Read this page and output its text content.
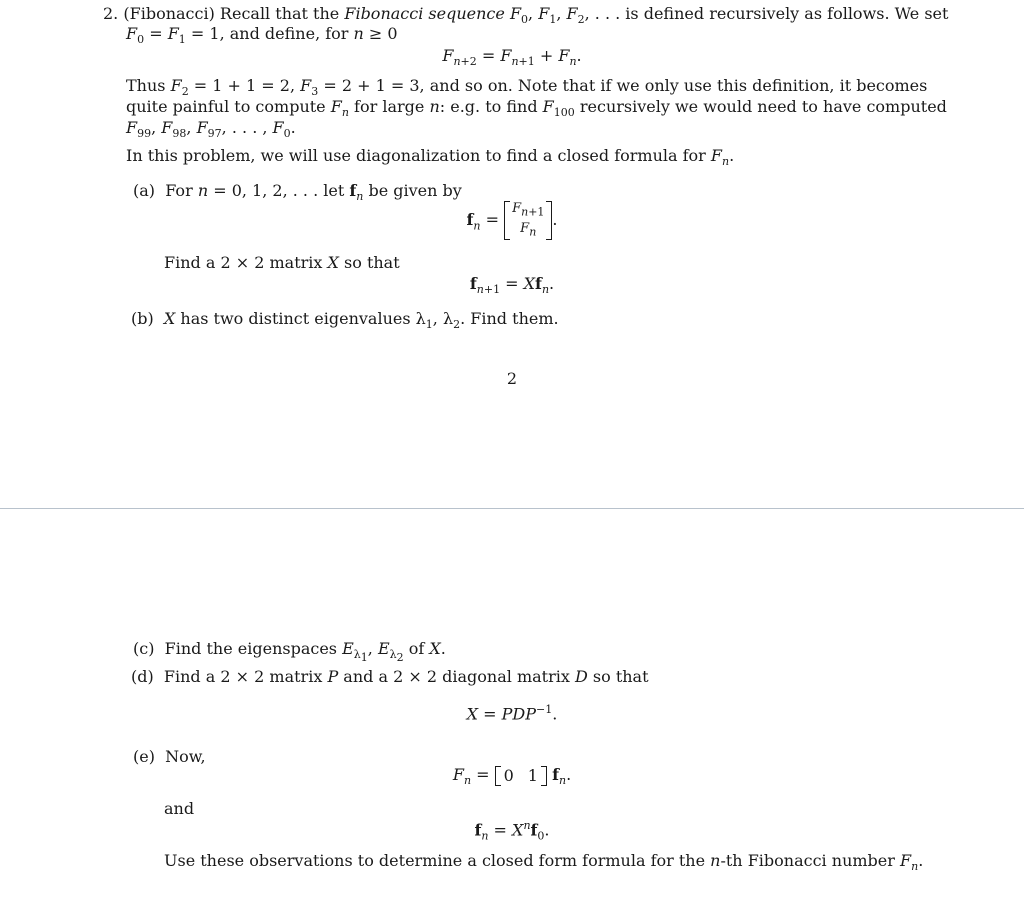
2. (Fibonacci) Recall that the Fibonacci sequence $F_0$, $F_1$, $F_2$, . . . is defined recursively as follows. We set
$F_0 = F_1 = 1$, and define, for n ≥ 0
$F_{n+2} = F_{n+1} + F_n$.
Thus $F_2 = 1 + 1 = 2$, $F_3 = 2 + 1 = 3$, and so on. Note that if we only use this definition, it becomes
quite painful to compute $F_n$ for large n: e.g. to find $F_{100}$ recursively we would need to have computed
$F_{99}$, $F_{98}$, $F_{97}$, . . . , $F_0$.
In this problem, we will use diagonalization to find a closed formula for $F_n$.
(a) For n = 0, 1, 2, . . . let $f_n$ be given by
$f_n$ =
$F_{n+1}$
$F_n$
.
Find a 2 × 2 matrix X so that
$f_{n+1} = Xf_n$.
(b) X has two distinct eigenvalues $\lambda_1$, $\lambda_2$. Find them.
2
(c) Find the eigenspaces $E_{\lambda_1}$, $E_{\lambda_2}$ of X.
(d) Find a 2 × 2 matrix P and a 2 × 2 diagonal matrix D so that
$X = PDP^{-1}$.
(e) Now,
$F_n = 0$ 1 $f_n$.
and
$f_n = X^nf_0$.
Use these observations to determine a closed form formula for the n-th Fibonacci number $F_n$.
